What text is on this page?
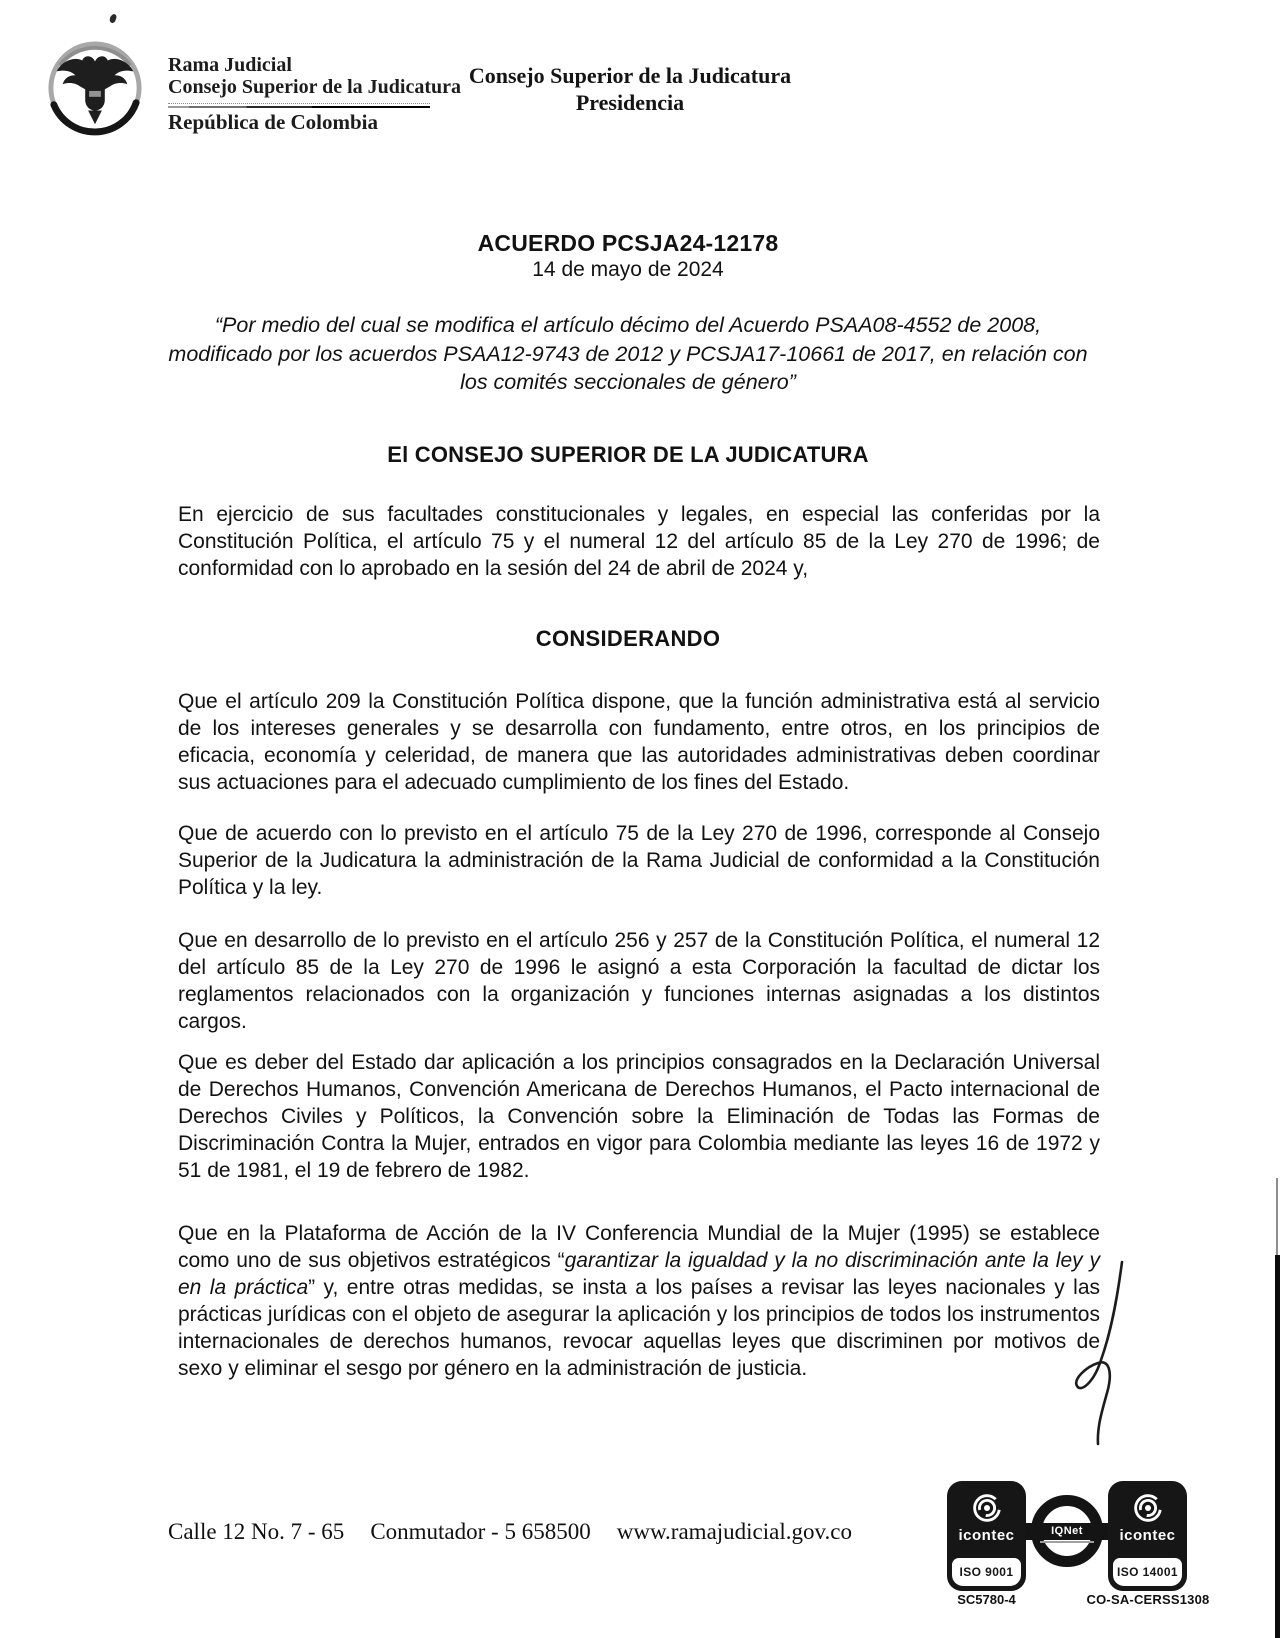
Rama Judicial
Consejo Superior de la Judicatura
República de Colombia
Consejo Superior de la Judicatura
Presidencia
ACUERDO PCSJA24-12178
14 de mayo de 2024
“Por medio del cual se modifica el artículo décimo del Acuerdo PSAA08-4552 de 2008, modificado por los acuerdos PSAA12-9743 de 2012 y PCSJA17-10661 de 2017, en relación con los comités seccionales de género”
El CONSEJO SUPERIOR DE LA JUDICATURA
En ejercicio de sus facultades constitucionales y legales, en especial las conferidas por la Constitución Política, el artículo 75 y el numeral 12 del artículo 85 de la Ley 270 de 1996; de conformidad con lo aprobado en la sesión del 24 de abril de 2024 y,
CONSIDERANDO
Que el artículo 209 la Constitución Política dispone, que la función administrativa está al servicio de los intereses generales y se desarrolla con fundamento, entre otros, en los principios de eficacia, economía y celeridad, de manera que las autoridades administrativas deben coordinar sus actuaciones para el adecuado cumplimiento de los fines del Estado.
Que de acuerdo con lo previsto en el artículo 75 de la Ley 270 de 1996, corresponde al Consejo Superior de la Judicatura la administración de la Rama Judicial de conformidad a la Constitución Política y la ley.
Que en desarrollo de lo previsto en el artículo 256 y 257 de la Constitución Política, el numeral 12 del artículo 85 de la Ley 270 de 1996 le asignó a esta Corporación la facultad de dictar los reglamentos relacionados con la organización y funciones internas asignadas a los distintos cargos.
Que es deber del Estado dar aplicación a los principios consagrados en la Declaración Universal de Derechos Humanos, Convención Americana de Derechos Humanos, el Pacto internacional de Derechos Civiles y Políticos, la Convención sobre la Eliminación de Todas las Formas de Discriminación Contra la Mujer, entrados en vigor para Colombia mediante las leyes 16 de 1972 y 51 de 1981, el 19 de febrero de 1982.
Que en la Plataforma de Acción de la IV Conferencia Mundial de la Mujer (1995) se establece como uno de sus objetivos estratégicos “garantizar la igualdad y la no discriminación ante la ley y en la práctica” y, entre otras medidas, se insta a los países a revisar las leyes nacionales y las prácticas jurídicas con el objeto de asegurar la aplicación y los principios de todos los instrumentos internacionales de derechos humanos, revocar aquellas leyes que discriminen por motivos de sexo y eliminar el sesgo por género en la administración de justicia.
Calle 12 No. 7 - 65 Conmutador - 5 658500 www.ramajudicial.gov.co	icontec
ISO 9001
IQNet	icontec
ISO 14001
SC5780-4	CO-SA-CERSS1308
